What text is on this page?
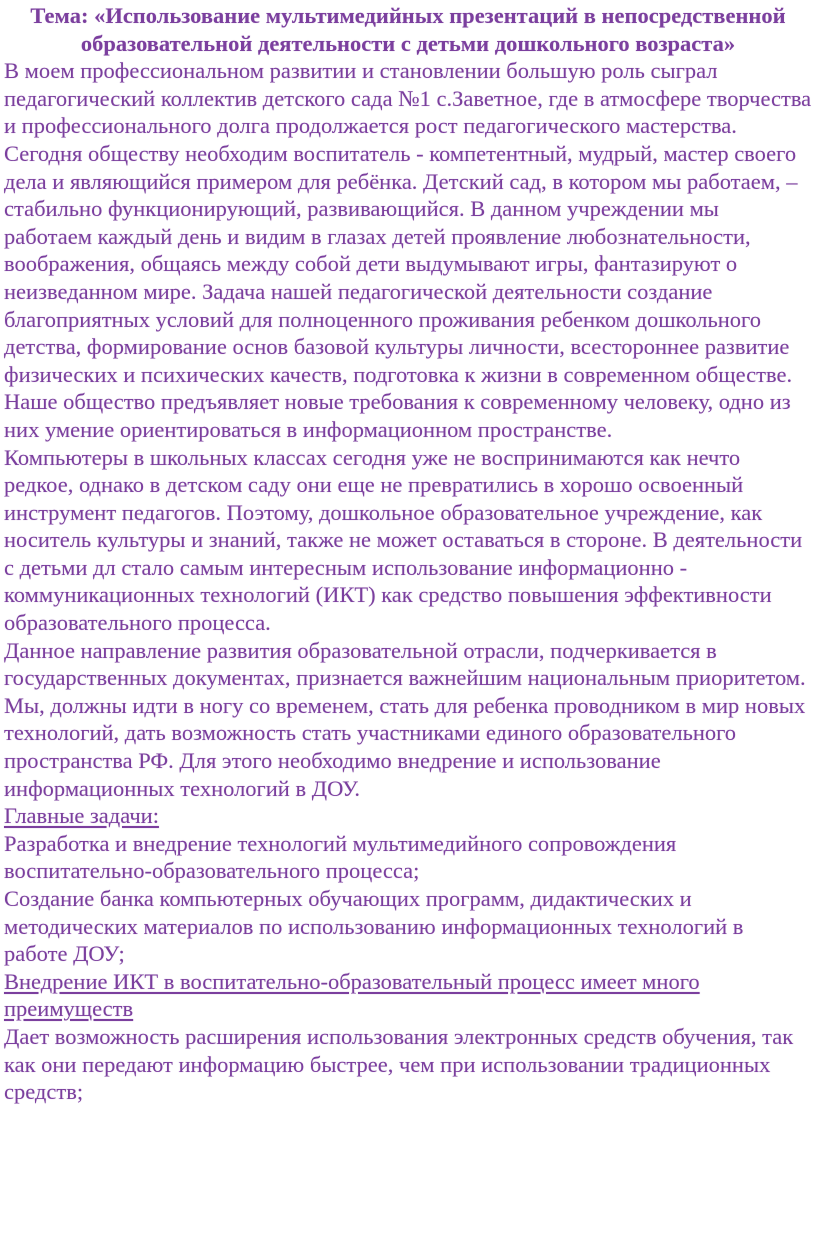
Тема: «Использование мультимедийных презентаций в непосредственной образовательной деятельности с детьми дошкольного возраста»

В моем профессиональном развитии и становлении большую роль сыграл педагогический коллектив детского сада №1 с.Заветное, где в атмосфере творчества и профессионального долга продолжается рост педагогического мастерства.

Сегодня обществу необходим воспитатель - компетентный, мудрый, мастер своего дела и являющийся примером для ребёнка. Детский сад, в котором мы работаем, – стабильно функционирующий, развивающийся. В данном учреждении мы работаем каждый день и видим в глазах детей проявление любознательности, воображения, общаясь между собой дети выдумывают игры, фантазируют о неизведанном мире. Задача нашей педагогической деятельности создание благоприятных условий для полноценного проживания ребенком дошкольного детства, формирование основ базовой культуры личности, всестороннее развитие физических и психических качеств, подготовка к жизни в современном обществе. Наше общество предъявляет новые требования к современному человеку, одно из них умение ориентироваться в информационном пространстве.

Компьютеры в школьных классах сегодня уже не воспринимаются как нечто редкое, однако в детском саду они еще не превратились в хорошо освоенный инструмент педагогов. Поэтому, дошкольное образовательное учреждение, как носитель культуры и знаний, также не может оставаться в стороне. В деятельности с детьми дл стало самым интересным использование информационно - коммуникационных технологий (ИКТ) как средство повышения эффективности образовательного процесса.

Данное направление развития образовательной отрасли, подчеркивается в государственных документах, признается важнейшим национальным приоритетом.

Мы, должны идти в ногу со временем, стать для ребенка проводником в мир новых технологий, дать возможность стать участниками единого образовательного пространства РФ. Для этого необходимо внедрение и использование информационных технологий в ДОУ.

Главные задачи:

Разработка и внедрение технологий мультимедийного сопровождения воспитательно-образовательного процесса;

Создание банка компьютерных обучающих программ, дидактических и методических материалов по использованию информационных технологий в работе ДОУ;

Внедрение ИКТ в воспитательно-образовательный процесс имеет много преимуществ

Дает возможность расширения использования электронных средств обучения, так как они передают информацию быстрее, чем при использовании традиционных средств;
